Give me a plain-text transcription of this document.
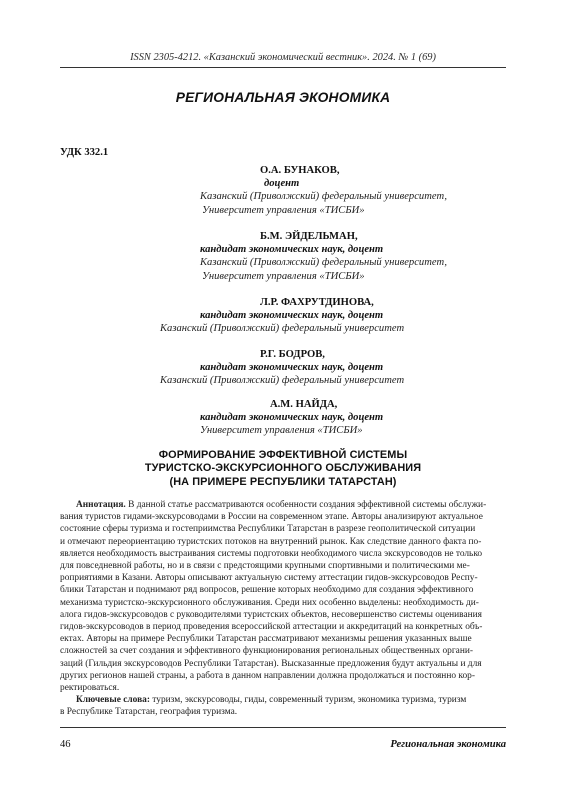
ISSN 2305-4212. «Казанский экономический вестник». 2024. № 1 (69)
РЕГИОНАЛЬНАЯ ЭКОНОМИКА
УДК 332.1
О.А. БУНАКОВ,
доцент
Казанский (Приволжский) федеральный университет,
Университет управления «ТИСБИ»
Б.М. ЭЙДЕЛЬМАН,
кандидат экономических наук, доцент
Казанский (Приволжский) федеральный университет,
Университет управления «ТИСБИ»
Л.Р. ФАХРУТДИНОВА,
кандидат экономических наук, доцент
Казанский (Приволжский) федеральный университет
Р.Г. БОДРОВ,
кандидат экономических наук, доцент
Казанский (Приволжский) федеральный университет
А.М. НАЙДА,
кандидат экономических наук, доцент
Университет управления «ТИСБИ»
ФОРМИРОВАНИЕ ЭФФЕКТИВНОЙ СИСТЕМЫ
ТУРИСТСКО-ЭКСКУРСИОННОГО ОБСЛУЖИВАНИЯ
(НА ПРИМЕРЕ РЕСПУБЛИКИ ТАТАРСТАН)
Аннотация. В данной статье рассматриваются особенности создания эффективной системы обслужи-
вания туристов гидами-экскурсоводами в России на современном этапе. Авторы анализируют актуальное
состояние сферы туризма и гостеприимства Республики Татарстан в разрезе геополитической ситуации
и отмечают переориентацию туристских потоков на внутренний рынок. Как следствие данного факта по-
является необходимость выстраивания системы подготовки необходимого числа экскурсоводов не только
для повседневной работы, но и в связи с предстоящими крупными спортивными и политическими ме-
роприятиями в Казани. Авторы описывают актуальную систему аттестации гидов-экскурсоводов Респу-
блики Татарстан и поднимают ряд вопросов, решение которых необходимо для создания эффективного
механизма туристско-экскурсионного обслуживания. Среди них особенно выделены: необходимость ди-
алога гидов-экскурсоводов с руководителями туристских объектов, несовершенство системы оценивания
гидов-экскурсоводов в период проведения всероссийской аттестации и аккредитаций на конкретных объ-
ектах. Авторы на примере Республики Татарстан рассматривают механизмы решения указанных выше
сложностей за счет создания и эффективного функционирования региональных общественных органи-
заций (Гильдия экскурсоводов Республики Татарстан). Высказанные предложения будут актуальны и для
других регионов нашей страны, а работа в данном направлении должна продолжаться и постоянно кор-
ректироваться.
Ключевые слова: туризм, экскурсоводы, гиды, современный туризм, экономика туризма, туризм
в Республике Татарстан, география туризма.
46	Региональная экономика
